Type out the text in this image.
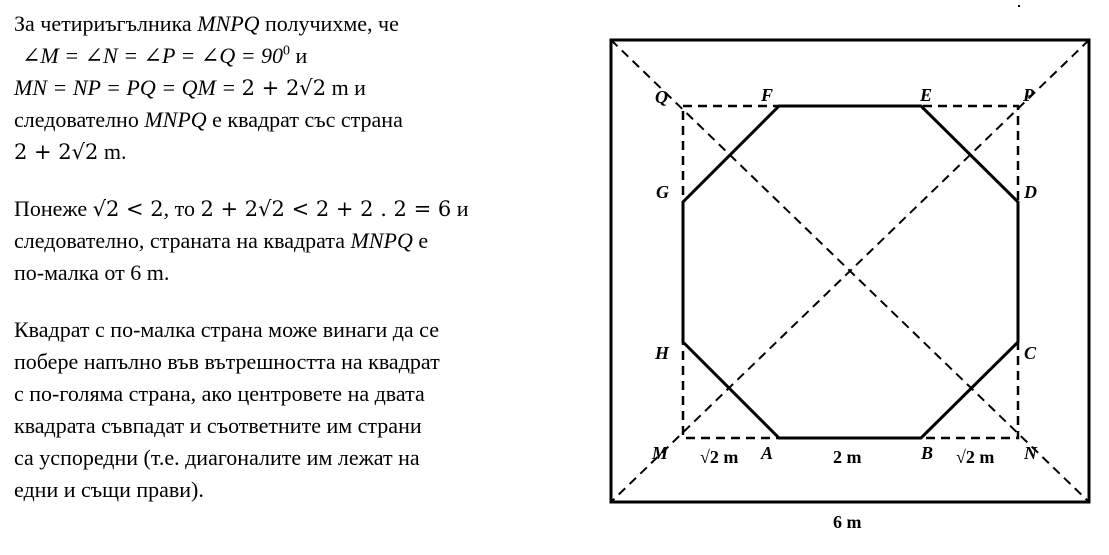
За четириъгълника MNPQ получихме, че
∠M = ∠N = ∠P = ∠Q = $90^0$ и
MN = NP = PQ = QM = 2 + 2√2 m и
следователно MNPQ е квадрат със страна
2 + 2√2 m.
Понеже √2 < 2, то 2 + 2√2 < 2 + 2 . 2 = 6 и
следователно, страната на квадрата MNPQ е
по-малка от 6 m.
Квадрат с по-малка страна може винаги да се
побере напълно във вътрешността на квадрат
с по-голяма страна, ако центровете на двата
квадрата съвпадат и съответните им страни
са успоредни (т.е. диагоналите им лежат на
едни и същи прави).
Q	F	E	P
G	D
H	C
M	A	B	N
√2 m	2 m	√2 m
6 m
